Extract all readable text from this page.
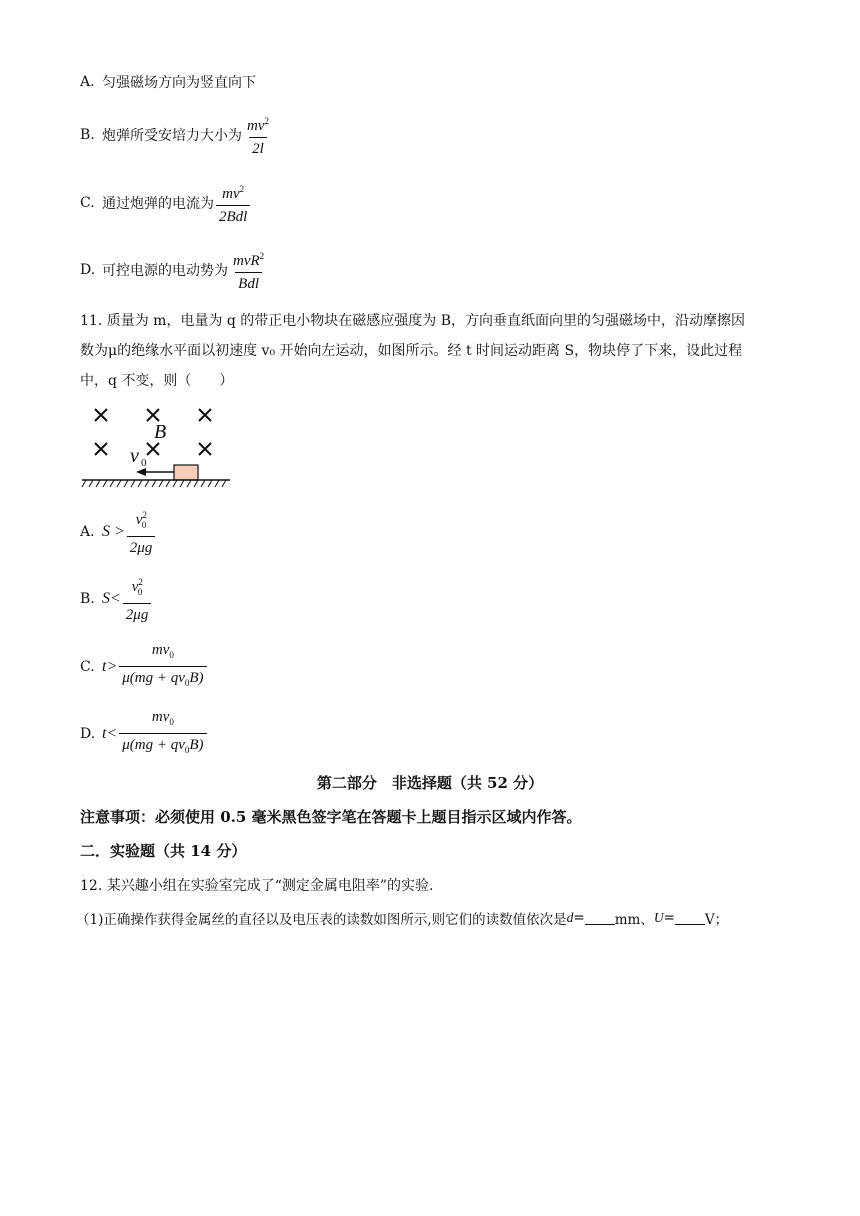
A. 匀强磁场方向为竖直向下
B. 炮弹所受安培力大小为 $\frac{mv^2}{2l}$
C. 通过炮弹的电流为 $\frac{mv^2}{\text{2Bdl}}$
D. 可控电源的电动势为 $\frac{mvR^2}{\text{Bdl}}$
11. 质量为 m，电量为 q 的带正电小物块在磁感应强度为 B，方向垂直纸面向里的匀强磁场中，沿动摩擦因
数为μ的绝缘水平面以初速度 v₀ 开始向左运动，如图所示。经 t 时间运动距离 S，物块停了下来，设此过程
中，q 不变，则（　　）
B
v 0
A. $S > \frac{v^2_0}{2\mu g}$
B. $S< \frac{v^2_0}{2\mu g}$
C. $t> \frac{mv_0}{\mu(mg + qv_0B)}$
D. $t< \frac{mv_0}{\mu(mg + qv_0B)}$
第二部分　非选择题（共 52 分）
注意事项：必须使用 0.5 毫米黑色签字笔在答题卡上题目指示区域内作答。
二．实验题（共 14 分）
12. 某兴趣小组在实验室完成了“测定金属电阻率”的实验.
（1)正确操作获得金属丝的直径以及电压表的读数如图所示,则它们的读数值依次是 d = mm、 U = V；
